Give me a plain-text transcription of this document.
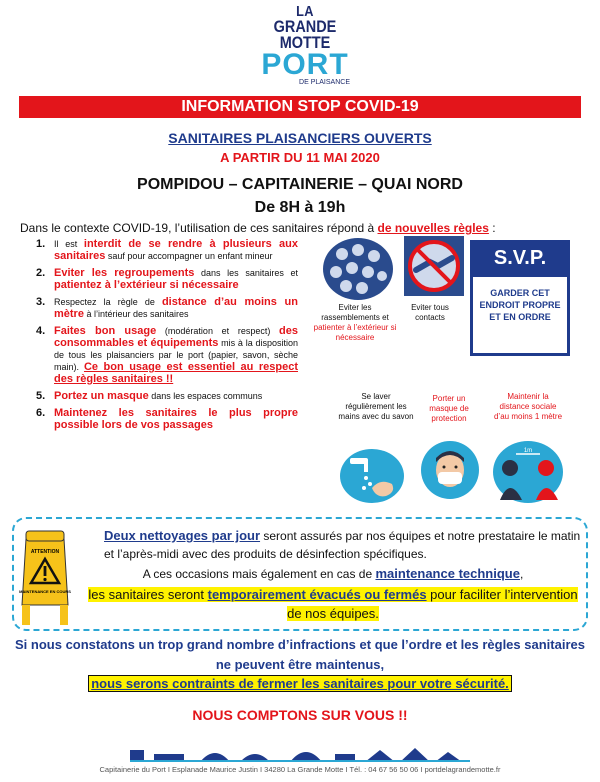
LA
GRANDE
MOTTE
PORT
DE PLAISANCE
INFORMATION STOP COVID-19
SANITAIRES PLAISANCIERS OUVERTS
A PARTIR DU 11 MAI 2020
POMPIDOU – CAPITAINERIE – QUAI NORD
De 8H à 19h
Dans le contexte COVID-19, l’utilisation de ces sanitaires répond à de nouvelles règles :
1. Il est interdit de se rendre à plusieurs aux sanitaires sauf pour accompagner un enfant mineur
2. Eviter les regroupements dans les sanitaires et patientez à l’extérieur si nécessaire
3. Respectez la règle de distance d’au moins un mètre à l’intérieur des sanitaires
4. Faites bon usage (modération et respect) des consommables et équipements mis à la disposition de tous les plaisanciers par le port (papier, savon, sèche main). Ce bon usage est essentiel au respect des règles sanitaires !!
5. Portez un masque dans les espaces communs
6. Maintenez les sanitaires le plus propre possible lors de vos passages
Eviter les rassemblements et patienter à l’extérieur si nécessaire
Eviter tous contacts
S.V.P.
GARDER CET ENDROIT PROPRE ET EN ORDRE
Se laver régulièrement les mains avec du savon
Porter un masque de protection
Maintenir la distance sociale d’au moins 1 mètre
1m
Deux nettoyages par jour seront assurés par nos équipes et notre prestataire le matin et l’après-midi avec des produits de désinfection spécifiques.
A ces occasions mais également en cas de maintenance technique,
les sanitaires seront temporairement évacués ou fermés pour faciliter l’intervention de nos équipes.
ATTENTION
MAINTENANCE EN COURS
Si nous constatons un trop grand nombre d’infractions et que l’ordre et les règles sanitaires ne peuvent être maintenus,
nous serons contraints de fermer les sanitaires pour votre sécurité.
NOUS COMPTONS SUR VOUS !!
Capitainerie du Port I Esplanade Maurice Justin I 34280 La Grande Motte I Tél. : 04 67 56 50 06 I portdelagrandemotte.fr
